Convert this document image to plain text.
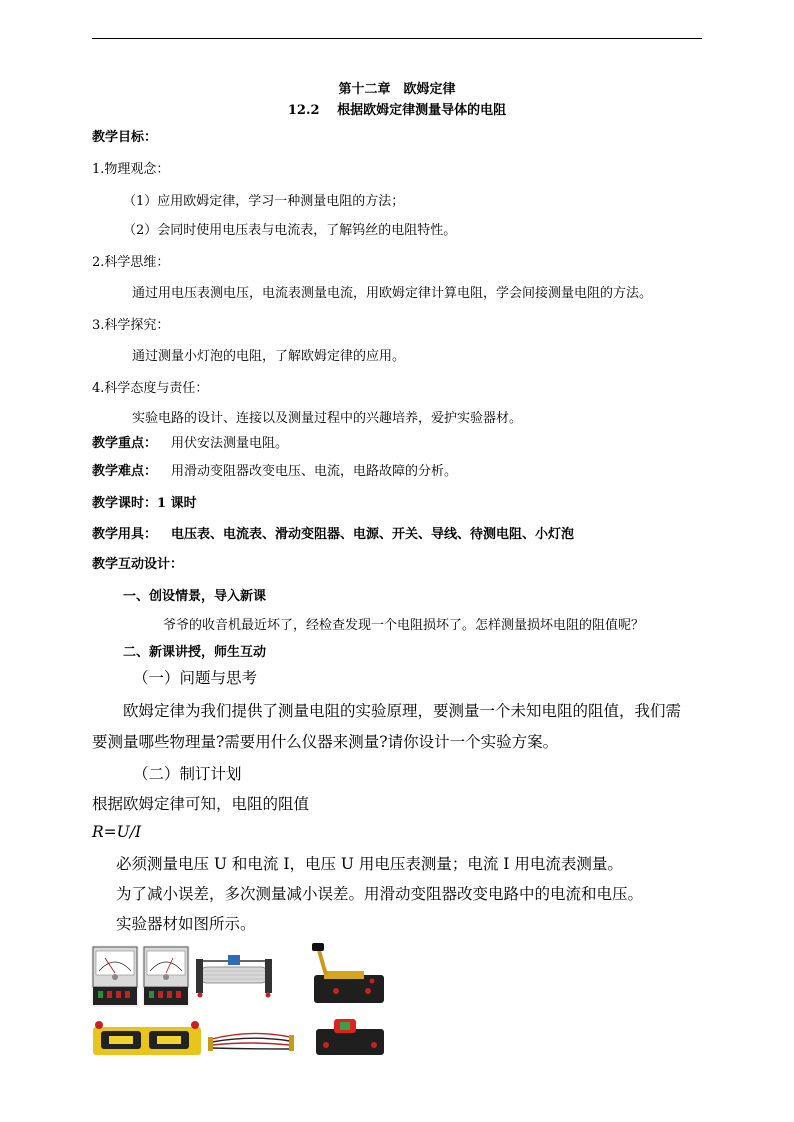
第十二章　欧姆定律
12.2　 根据欧姆定律测量导体的电阻
教学目标：
1.物理观念：
（1）应用欧姆定律，学习一种测量电阻的方法；
（2）会同时使用电压表与电流表，了解钨丝的电阻特性。
2.科学思维：
通过用电压表测电压，电流表测量电流，用欧姆定律计算电阻，学会间接测量电阻的方法。
3.科学探究：
通过测量小灯泡的电阻，了解欧姆定律的应用。
4.科学态度与责任：
实验电路的设计、连接以及测量过程中的兴趣培养，爱护实验器材。
教学重点： 用伏安法测量电阻。
教学难点： 用滑动变阻器改变电压、电流，电路故障的分析。
教学课时：1 课时
教学用具： 电压表、电流表、滑动变阻器、电源、开关、导线、待测电阻、小灯泡
教学互动设计：
一、创设情景，导入新课
爷爷的收音机最近坏了，经检查发现一个电阻损坏了。怎样测量损坏电阻的阻值呢？
二、新课讲授，师生互动
（一）问题与思考
欧姆定律为我们提供了测量电阻的实验原理，要测量一个未知电阻的阻值，我们需
要测量哪些物理量?需要用什么仪器来测量?请你设计一个实验方案。
（二）制订计划
根据欧姆定律可知，电阻的阻值
R=U/I
必须测量电压 U 和电流 I，电压 U 用电压表测量；电流 I 用电流表测量。
为了减小误差，多次测量减小误差。用滑动变阻器改变电路中的电流和电压。
实验器材如图所示。
